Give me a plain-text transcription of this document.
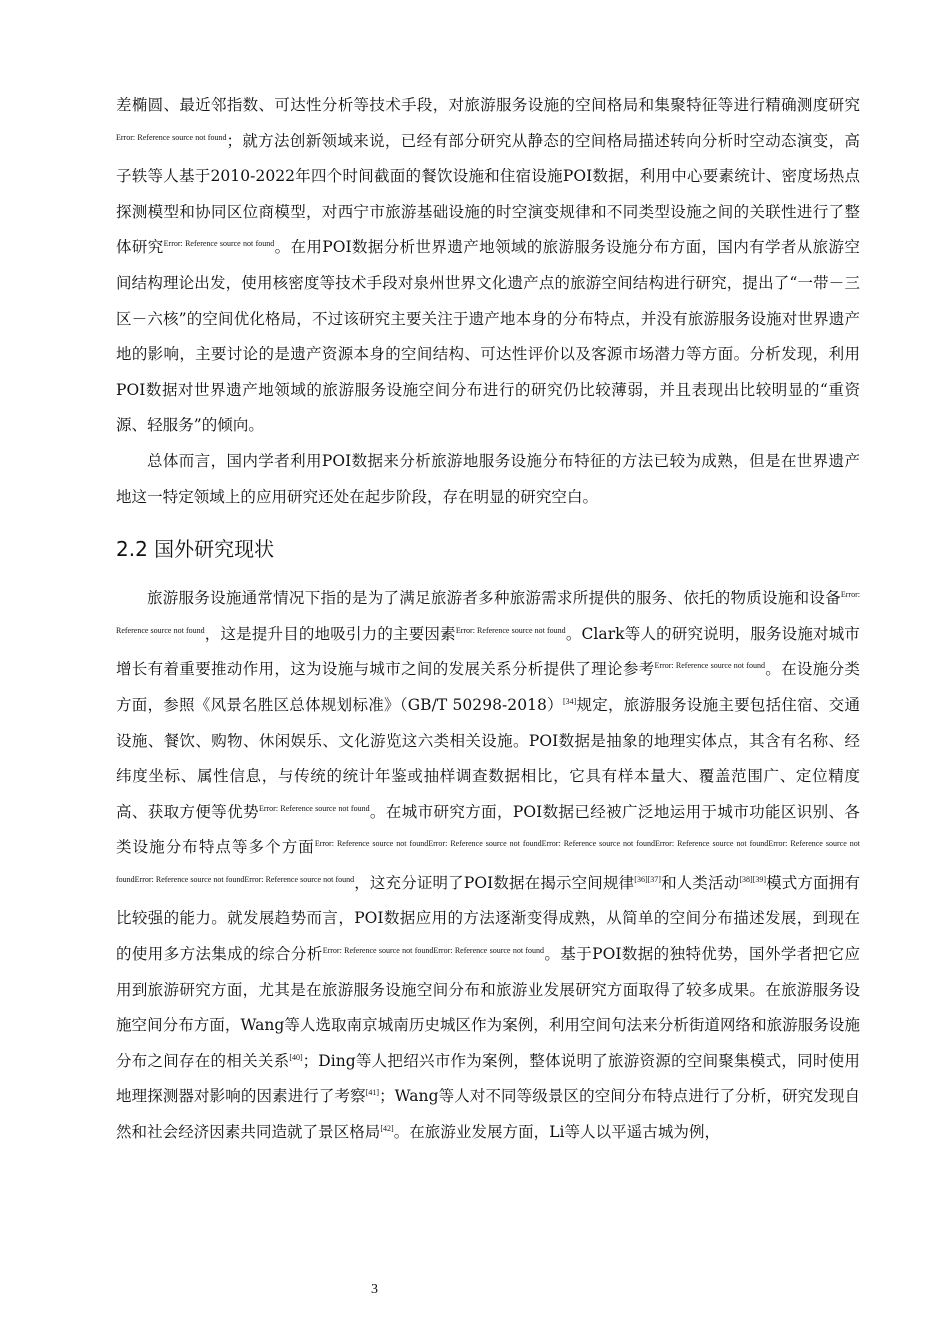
差椭圆、最近邻指数、可达性分析等技术手段，对旅游服务设施的空间格局和集聚特征等进行精确测度研究$^{Error: Reference source not found}$；就方法创新领域来说，已经有部分研究从静态的空间格局描述转向分析时空动态演变，高子轶等人基于2010-2022年四个时间截面的餐饮设施和住宿设施POI数据，利用中心要素统计、密度场热点探测模型和协同区位商模型，对西宁市旅游基础设施的时空演变规律和不同类型设施之间的关联性进行了整体研究$^{Error: Reference source not found}$。在用POI数据分析世界遗产地领域的旅游服务设施分布方面，国内有学者从旅游空间结构理论出发，使用核密度等技术手段对泉州世界文化遗产点的旅游空间结构进行研究，提出了“一带－三区－六核”的空间优化格局，不过该研究主要关注于遗产地本身的分布特点，并没有旅游服务设施对世界遗产地的影响，主要讨论的是遗产资源本身的空间结构、可达性评价以及客源市场潜力等方面。分析发现，利用POI数据对世界遗产地领域的旅游服务设施空间分布进行的研究仍比较薄弱，并且表现出比较明显的“重资源、轻服务”的倾向。

总体而言，国内学者利用POI数据来分析旅游地服务设施分布特征的方法已较为成熟，但是在世界遗产地这一特定领域上的应用研究还处在起步阶段，存在明显的研究空白。

2.2 国外研究现状

旅游服务设施通常情况下指的是为了满足旅游者多种旅游需求所提供的服务、依托的物质设施和设备$^{Error: Reference source not found}$，这是提升目的地吸引力的主要因素$^{Error: Reference source not found}$。Clark等人的研究说明，服务设施对城市增长有着重要推动作用，这为设施与城市之间的发展关系分析提供了理论参考$^{Error: Reference source not found}$。在设施分类方面，参照《风景名胜区总体规划标准》（GB/T 50298-2018）[34]规定，旅游服务设施主要包括住宿、交通设施、餐饮、购物、休闲娱乐、文化游览这六类相关设施。POI数据是抽象的地理实体点，其含有名称、经纬度坐标、属性信息，与传统的统计年鉴或抽样调查数据相比，它具有样本量大、覆盖范围广、定位精度高、获取方便等优势$^{Error: Reference source not found}$。在城市研究方面，POI数据已经被广泛地运用于城市功能区识别、各类设施分布特点等多个方面$^{Error: Reference source not foundError: Reference source not foundError: Reference source not foundError: Reference source not foundError: Reference source not foundError: Reference source not foundError: Reference source not found}$，这充分证明了POI数据在揭示空间规律[36][37]和人类活动[38][39]模式方面拥有比较强的能力。就发展趋势而言，POI数据应用的方法逐渐变得成熟，从简单的空间分布描述发展，到现在的使用多方法集成的综合分析$^{Error: Reference source not foundError: Reference source not found}$。基于POI数据的独特优势，国外学者把它应用到旅游研究方面，尤其是在旅游服务设施空间分布和旅游业发展研究方面取得了较多成果。在旅游服务设施空间分布方面，Wang等人选取南京城南历史城区作为案例，利用空间句法来分析街道网络和旅游服务设施分布之间存在的相关关系[40]；Ding等人把绍兴市作为案例，整体说明了旅游资源的空间聚集模式，同时使用地理探测器对影响的因素进行了考察[41]；Wang等人对不同等级景区的空间分布特点进行了分析，研究发现自然和社会经济因素共同造就了景区格局[42]。在旅游业发展方面，Li等人以平遥古城为例，

3
